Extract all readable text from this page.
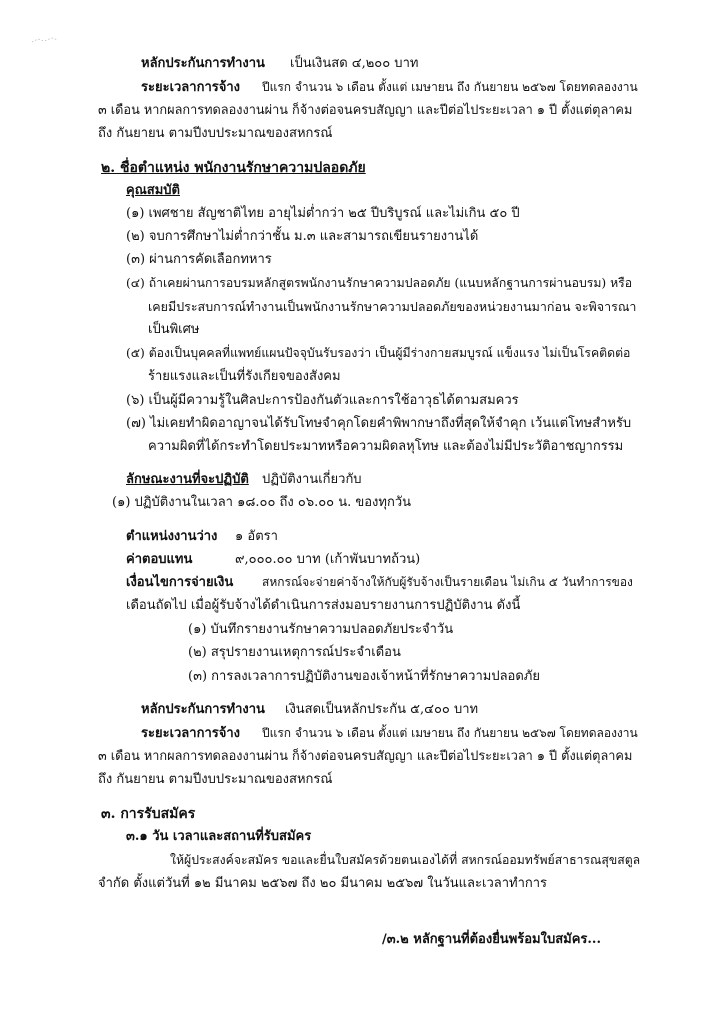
หลักประกันการทำงาน เป็นเงินสด ๔,๒๐๐ บาท
ระยะเวลาการจ้าง ปีแรก จำนวน ๖ เดือน ตั้งแต่ เมษายน ถึง กันยายน ๒๕๖๗ โดยทดลองงาน
๓ เดือน หากผลการทดลองงานผ่าน ก็จ้างต่อจนครบสัญญา และปีต่อไประยะเวลา ๑ ปี ตั้งแต่ตุลาคม
ถึง กันยายน ตามปีงบประมาณของสหกรณ์
๒. ชื่อตำแหน่ง พนักงานรักษาความปลอดภัย
คุณสมบัติ
(๑) เพศชาย สัญชาติไทย อายุไม่ต่ำกว่า ๒๕ ปีบริบูรณ์ และไม่เกิน ๕๐ ปี
(๒) จบการศึกษาไม่ต่ำกว่าชั้น ม.๓ และสามารถเขียนรายงานได้
(๓) ผ่านการคัดเลือกทหาร
(๔) ถ้าเคยผ่านการอบรมหลักสูตรพนักงานรักษาความปลอดภัย (แนบหลักฐานการผ่านอบรม) หรือ
เคยมีประสบการณ์ทำงานเป็นพนักงานรักษาความปลอดภัยของหน่วยงานมาก่อน จะพิจารณา
เป็นพิเศษ
(๕) ต้องเป็นบุคคลที่แพทย์แผนปัจจุบันรับรองว่า เป็นผู้มีร่างกายสมบูรณ์ แข็งแรง ไม่เป็นโรคติดต่อ
ร้ายแรงและเป็นที่รังเกียจของสังคม
(๖) เป็นผู้มีความรู้ในศิลปะการป้องกันตัวและการใช้อาวุธได้ตามสมควร
(๗) ไม่เคยทำผิดอาญาจนได้รับโทษจำคุกโดยคำพิพากษาถึงที่สุดให้จำคุก เว้นแต่โทษสำหรับ
ความผิดที่ได้กระทำโดยประมาทหรือความผิดลหุโทษ และต้องไม่มีประวัติอาชญากรรม
ลักษณะงานที่จะปฏิบัติ ปฏิบัติงานเกี่ยวกับ
(๑) ปฏิบัติงานในเวลา ๑๘.๐๐ ถึง ๐๖.๐๐ น. ของทุกวัน
ตำแหน่งงานว่าง ๑ อัตรา
ค่าตอบแทน	๙,๐๐๐.๐๐ บาท (เก้าพันบาทถ้วน)
เงื่อนไขการจ่ายเงิน สหกรณ์จะจ่ายค่าจ้างให้กับผู้รับจ้างเป็นรายเดือน ไม่เกิน ๕ วันทำการของ
เดือนถัดไป เมื่อผู้รับจ้างได้ดำเนินการส่งมอบรายงานการปฏิบัติงาน ดังนี้
(๑) บันทึกรายงานรักษาความปลอดภัยประจำวัน
(๒) สรุปรายงานเหตุการณ์ประจำเดือน
(๓) การลงเวลาการปฏิบัติงานของเจ้าหน้าที่รักษาความปลอดภัย
หลักประกันการทำงาน เงินสดเป็นหลักประกัน ๕,๔๐๐ บาท
ระยะเวลาการจ้าง ปีแรก จำนวน ๖ เดือน ตั้งแต่ เมษายน ถึง กันยายน ๒๕๖๗ โดยทดลองงาน
๓ เดือน หากผลการทดลองงานผ่าน ก็จ้างต่อจนครบสัญญา และปีต่อไประยะเวลา ๑ ปี ตั้งแต่ตุลาคม
ถึง กันยายน ตามปีงบประมาณของสหกรณ์
๓. การรับสมัคร
๓.๑ วัน เวลาและสถานที่รับสมัคร
ให้ผู้ประสงค์จะสมัคร ขอและยื่นใบสมัครด้วยตนเองได้ที่ สหกรณ์ออมทรัพย์สาธารณสุขสตูล
จำกัด ตั้งแต่วันที่ ๑๒ มีนาคม ๒๕๖๗ ถึง ๒๐ มีนาคม ๒๕๖๗ ในวันและเวลาทำการ
/๓.๒ หลักฐานที่ต้องยื่นพร้อมใบสมัคร...
